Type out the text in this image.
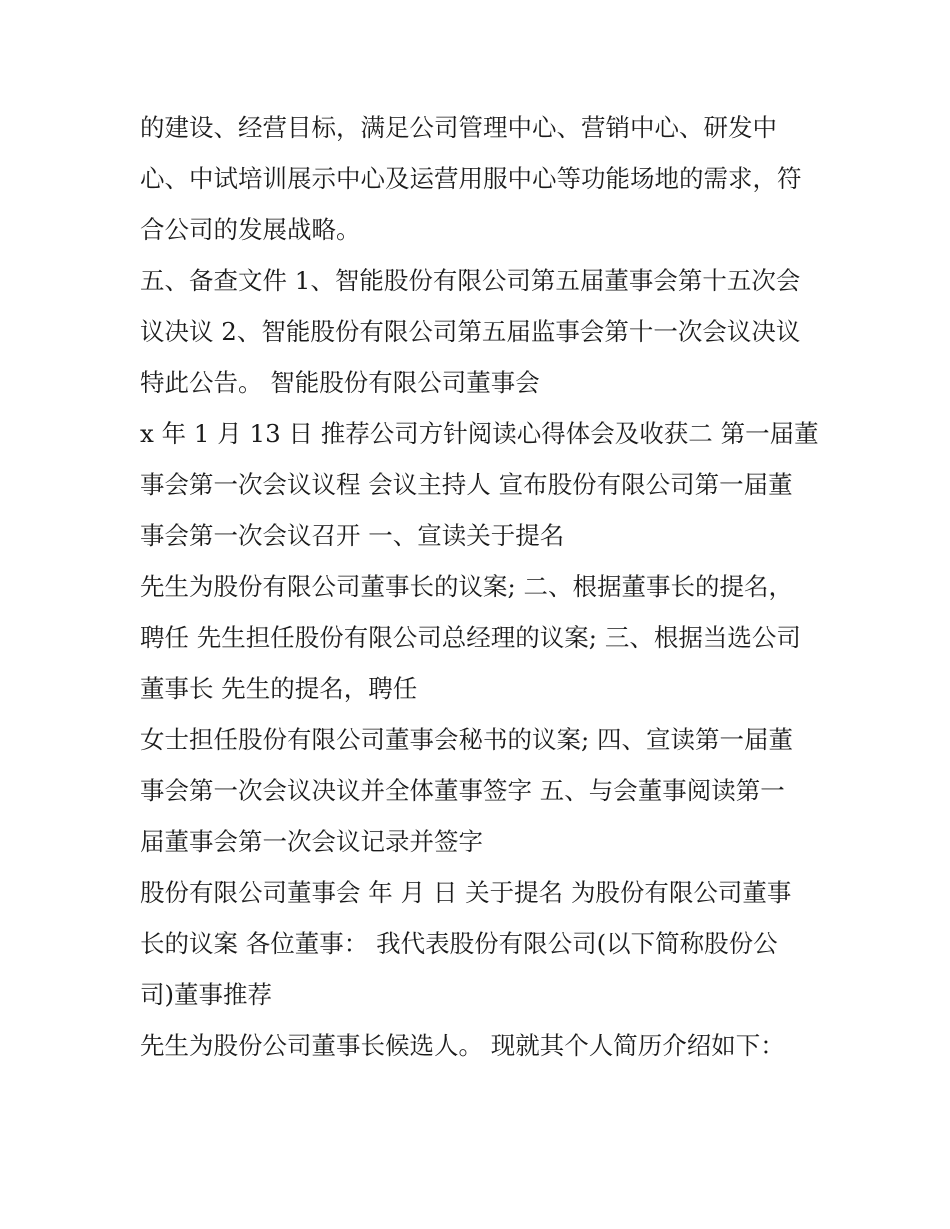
的建设、经营目标，满足公司管理中心、营销中心、研发中
心、中试培训展示中心及运营用服中心等功能场地的需求，符
合公司的发展战略。
五、备查文件 1、智能股份有限公司第五届董事会第十五次会
议决议 2、智能股份有限公司第五届监事会第十一次会议决议
特此公告。 智能股份有限公司董事会
x 年 1 月 13 日 推荐公司方针阅读心得体会及收获二 第一届董
事会第一次会议议程 会议主持人 宣布股份有限公司第一届董
事会第一次会议召开 一、宣读关于提名
先生为股份有限公司董事长的议案; 二、根据董事长的提名，
聘任 先生担任股份有限公司总经理的议案; 三、根据当选公司
董事长 先生的提名，聘任
女士担任股份有限公司董事会秘书的议案; 四、宣读第一届董
事会第一次会议决议并全体董事签字 五、与会董事阅读第一
届董事会第一次会议记录并签字
股份有限公司董事会 年 月 日 关于提名 为股份有限公司董事
长的议案 各位董事： 我代表股份有限公司(以下简称股份公
司)董事推荐
先生为股份公司董事长候选人。 现就其个人简历介绍如下：
